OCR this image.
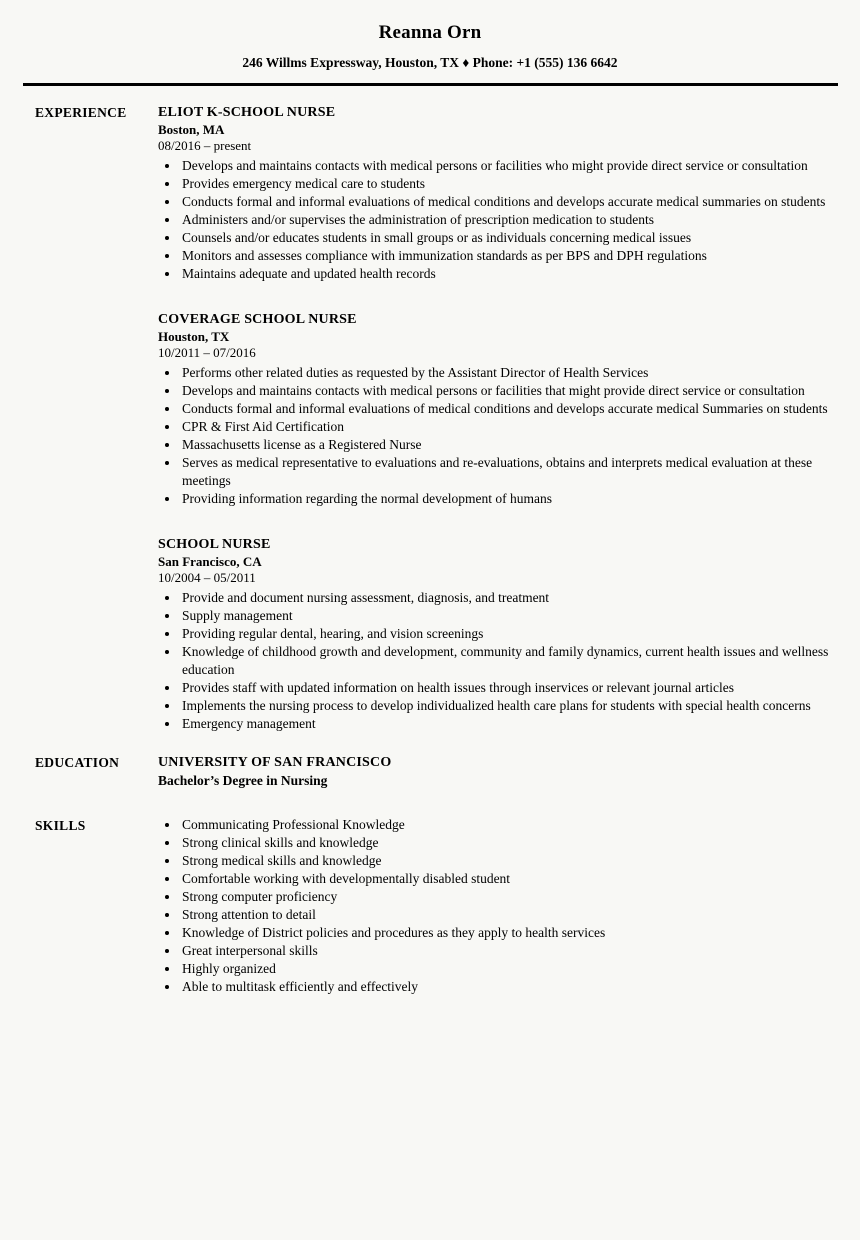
Reanna Orn

246 Willms Expressway, Houston, TX ♦ Phone: +1 (555) 136 6642

EXPERIENCE	ELIOT K-SCHOOL NURSE
Boston, MA
08/2016 – present
• Develops and maintains contacts with medical persons or facilities who might provide direct service or consultation
• Provides emergency medical care to students
• Conducts formal and informal evaluations of medical conditions and develops accurate medical summaries on students
• Administers and/or supervises the administration of prescription medication to students
• Counsels and/or educates students in small groups or as individuals concerning medical issues
• Monitors and assesses compliance with immunization standards as per BPS and DPH regulations
• Maintains adequate and updated health records
COVERAGE SCHOOL NURSE
Houston, TX
10/2011 – 07/2016
• Performs other related duties as requested by the Assistant Director of Health Services
• Develops and maintains contacts with medical persons or facilities that might provide direct service or consultation
• Conducts formal and informal evaluations of medical conditions and develops accurate medical Summaries on students
• CPR & First Aid Certification
• Massachusetts license as a Registered Nurse
• Serves as medical representative to evaluations and re-evaluations, obtains and interprets medical evaluation at these meetings
• Providing information regarding the normal development of humans
SCHOOL NURSE
San Francisco, CA
10/2004 – 05/2011
• Provide and document nursing assessment, diagnosis, and treatment
• Supply management
• Providing regular dental, hearing, and vision screenings
• Knowledge of childhood growth and development, community and family dynamics, current health issues and wellness education
• Provides staff with updated information on health issues through inservices or relevant journal articles
• Implements the nursing process to develop individualized health care plans for students with special health concerns
• Emergency management
EDUCATION	UNIVERSITY OF SAN FRANCISCO
Bachelor’s Degree in Nursing
SKILLS	• Communicating Professional Knowledge
• Strong clinical skills and knowledge
• Strong medical skills and knowledge
• Comfortable working with developmentally disabled student
• Strong computer proficiency
• Strong attention to detail
• Knowledge of District policies and procedures as they apply to health services
• Great interpersonal skills
• Highly organized
• Able to multitask efficiently and effectively
